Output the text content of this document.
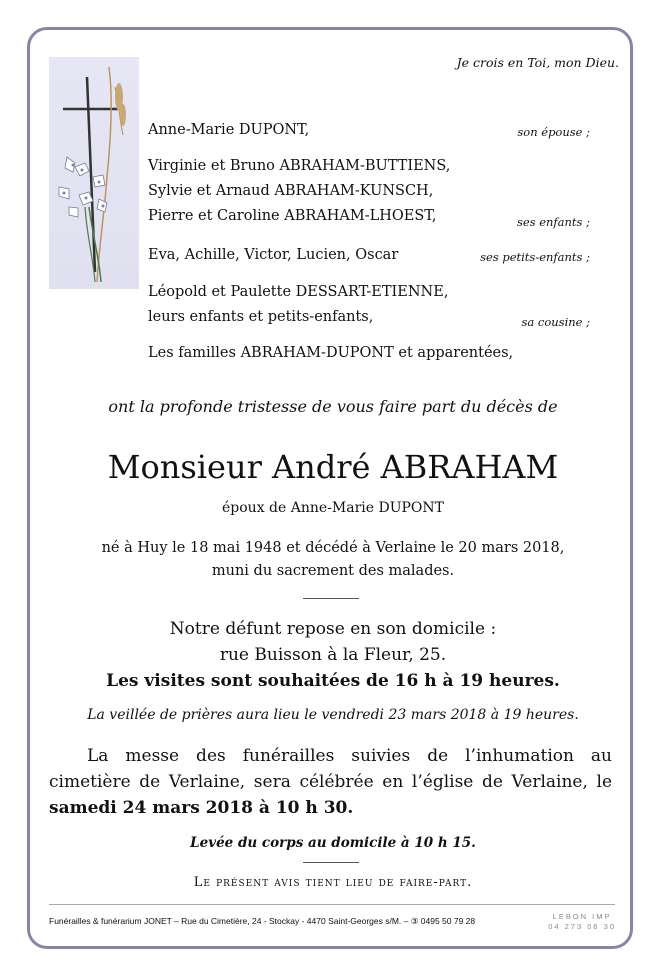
Je crois en Toi, mon Dieu.
Anne-Marie DUPONT,	son épouse ;
Virginie et Bruno ABRAHAM-BUTTIENS,
Sylvie et Arnaud ABRAHAM-KUNSCH,
Pierre et Caroline ABRAHAM-LHOEST,	ses enfants ;
Eva, Achille, Victor, Lucien, Oscar	ses petits-enfants ;
Léopold et Paulette DESSART-ETIENNE,
leurs enfants et petits-enfants,	sa cousine ;
Les familles ABRAHAM-DUPONT et apparentées,
ont la profonde tristesse de vous faire part du décès de
Monsieur André ABRAHAM
époux de Anne-Marie DUPONT
né à Huy le 18 mai 1948 et décédé à Verlaine le 20 mars 2018,
muni du sacrement des malades.
Notre défunt repose en son domicile :
rue Buisson à la Fleur, 25.
Les visites sont souhaitées de 16 h à 19 heures.
La veillée de prières aura lieu le vendredi 23 mars 2018 à 19 heures.
La messe des funérailles suivies de l’inhumation au cimetière de Verlaine, sera célébrée en l’église de Verlaine, le samedi 24 mars 2018 à 10 h 30.
Levée du corps au domicile à 10 h 15.
Le présent avis tient lieu de faire-part.
Funérailles & funérarium JONET – Rue du Cimetière, 24 - Stockay - 4470 Saint-Georges s/M. – ③ 0495 50 79 28	LEBON IMP
04 273 06 30
